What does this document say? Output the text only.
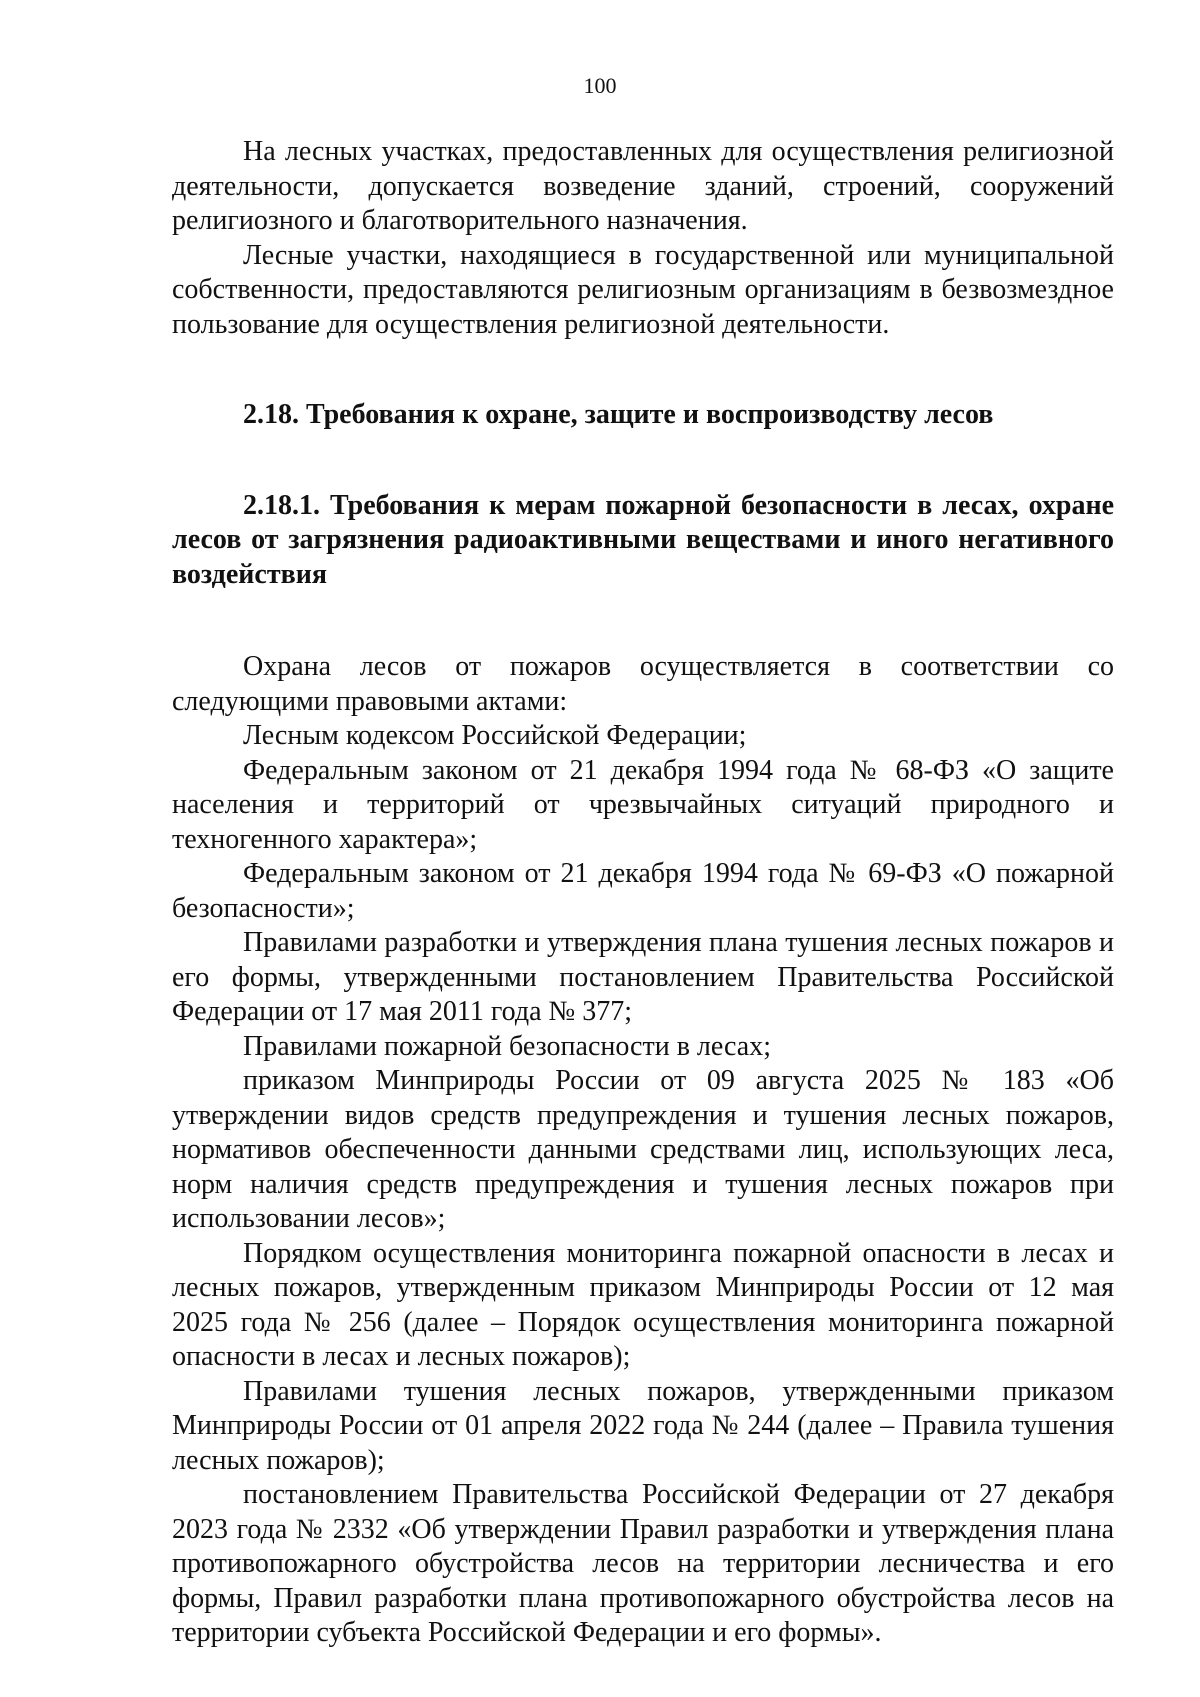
100

На лесных участках, предоставленных для осуществления религиозной деятельности, допускается возведение зданий, строений, сооружений религиозного и благотворительного назначения.

Лесные участки, находящиеся в государственной или муниципальной собственности, предоставляются религиозным организациям в безвозмездное пользование для осуществления религиозной деятельности.

2.18. Требования к охране, защите и воспроизводству лесов
2.18.1. Требования к мерам пожарной безопасности в лесах, охране лесов от загрязнения радиоактивными веществами и иного негативного воздействия

Охрана лесов от пожаров осуществляется в соответствии со следующими правовыми актами:

Лесным кодексом Российской Федерации;

Федеральным законом от 21 декабря 1994 года № 68-ФЗ «О защите населения и территорий от чрезвычайных ситуаций природного и техногенного характера»;

Федеральным законом от 21 декабря 1994 года № 69-ФЗ «О пожарной безопасности»;

Правилами разработки и утверждения плана тушения лесных пожаров и его формы, утвержденными постановлением Правительства Российской Федерации от 17 мая 2011 года № 377;

Правилами пожарной безопасности в лесах;

приказом Минприроды России от 09 августа 2025 № 183 «Об утверждении видов средств предупреждения и тушения лесных пожаров, нормативов обеспеченности данными средствами лиц, использующих леса, норм наличия средств предупреждения и тушения лесных пожаров при использовании лесов»;

Порядком осуществления мониторинга пожарной опасности в лесах и лесных пожаров, утвержденным приказом Минприроды России от 12 мая 2025 года № 256 (далее – Порядок осуществления мониторинга пожарной опасности в лесах и лесных пожаров);

Правилами тушения лесных пожаров, утвержденными приказом Минприроды России от 01 апреля 2022 года № 244 (далее – Правила тушения лесных пожаров);

постановлением Правительства Российской Федерации от 27 декабря 2023 года № 2332 «Об утверждении Правил разработки и утверждения плана противопожарного обустройства лесов на территории лесничества и его формы, Правил разработки плана противопожарного обустройства лесов на территории субъекта Российской Федерации и его формы».
